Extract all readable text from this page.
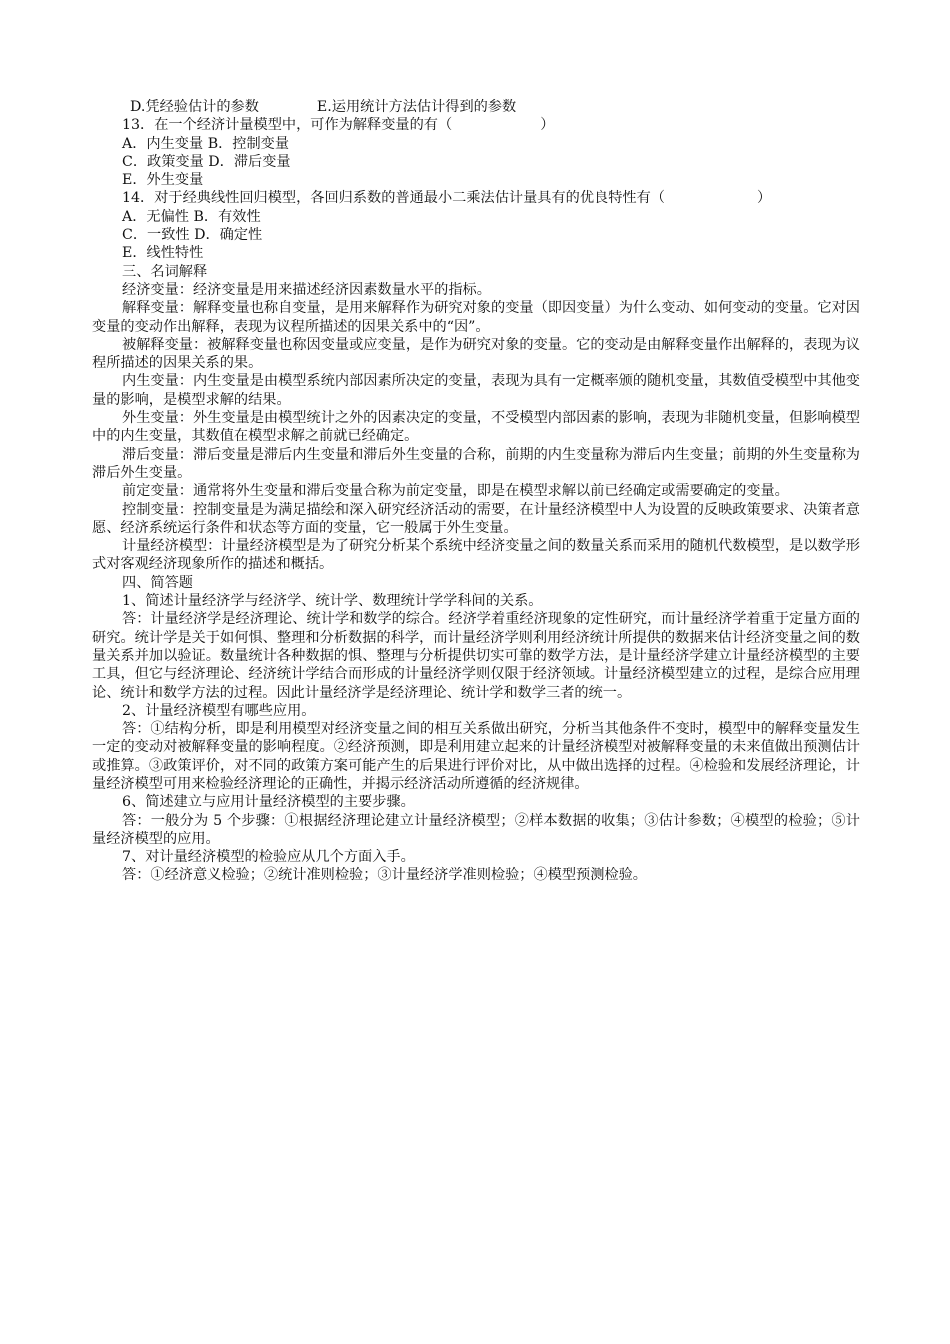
D.凭经验估计的参数	E.运用统计方法估计得到的参数
13．在一个经济计量模型中，可作为解释变量的有（	）
A．内生变量 B．控制变量
C．政策变量 D．滞后变量
E．外生变量
14．对于经典线性回归模型，各回归系数的普通最小二乘法估计量具有的优良特性有（	）
A．无偏性 B．有效性
C．一致性 D．确定性
E．线性特性
三、名词解释
经济变量：经济变量是用来描述经济因素数量水平的指标。
解释变量：解释变量也称自变量，是用来解释作为研究对象的变量（即因变量）为什么变动、如何变动的变量。它对因变量的变动作出解释，表现为议程所描述的因果关系中的“因”。
被解释变量：被解释变量也称因变量或应变量，是作为研究对象的变量。它的变动是由解释变量作出解释的，表现为议程所描述的因果关系的果。
内生变量：内生变量是由模型系统内部因素所决定的变量，表现为具有一定概率颁的随机变量，其数值受模型中其他变量的影响，是模型求解的结果。
外生变量：外生变量是由模型统计之外的因素决定的变量，不受模型内部因素的影响，表现为非随机变量，但影响模型中的内生变量，其数值在模型求解之前就已经确定。
滞后变量：滞后变量是滞后内生变量和滞后外生变量的合称，前期的内生变量称为滞后内生变量；前期的外生变量称为滞后外生变量。
前定变量：通常将外生变量和滞后变量合称为前定变量，即是在模型求解以前已经确定或需要确定的变量。
控制变量：控制变量是为满足描绘和深入研究经济活动的需要，在计量经济模型中人为设置的反映政策要求、决策者意愿、经济系统运行条件和状态等方面的变量，它一般属于外生变量。
计量经济模型：计量经济模型是为了研究分析某个系统中经济变量之间的数量关系而采用的随机代数模型，是以数学形式对客观经济现象所作的描述和概括。
四、简答题
1、简述计量经济学与经济学、统计学、数理统计学学科间的关系。
答：计量经济学是经济理论、统计学和数学的综合。经济学着重经济现象的定性研究，而计量经济学着重于定量方面的研究。统计学是关于如何惧、整理和分析数据的科学，而计量经济学则利用经济统计所提供的数据来估计经济变量之间的数量关系并加以验证。数量统计各种数据的惧、整理与分析提供切实可靠的数学方法，是计量经济学建立计量经济模型的主要工具，但它与经济理论、经济统计学结合而形成的计量经济学则仅限于经济领域。计量经济模型建立的过程，是综合应用理论、统计和数学方法的过程。因此计量经济学是经济理论、统计学和数学三者的统一。
2、计量经济模型有哪些应用。
答：①结构分析，即是利用模型对经济变量之间的相互关系做出研究，分析当其他条件不变时，模型中的解释变量发生一定的变动对被解释变量的影响程度。②经济预测，即是利用建立起来的计量经济模型对被解释变量的未来值做出预测估计或推算。③政策评价，对不同的政策方案可能产生的后果进行评价对比，从中做出选择的过程。④检验和发展经济理论，计量经济模型可用来检验经济理论的正确性，并揭示经济活动所遵循的经济规律。
6、简述建立与应用计量经济模型的主要步骤。
答：一般分为 5 个步骤：①根据经济理论建立计量经济模型；②样本数据的收集；③估计参数；④模型的检验；⑤计量经济模型的应用。
7、对计量经济模型的检验应从几个方面入手。
答：①经济意义检验；②统计准则检验；③计量经济学准则检验；④模型预测检验。
